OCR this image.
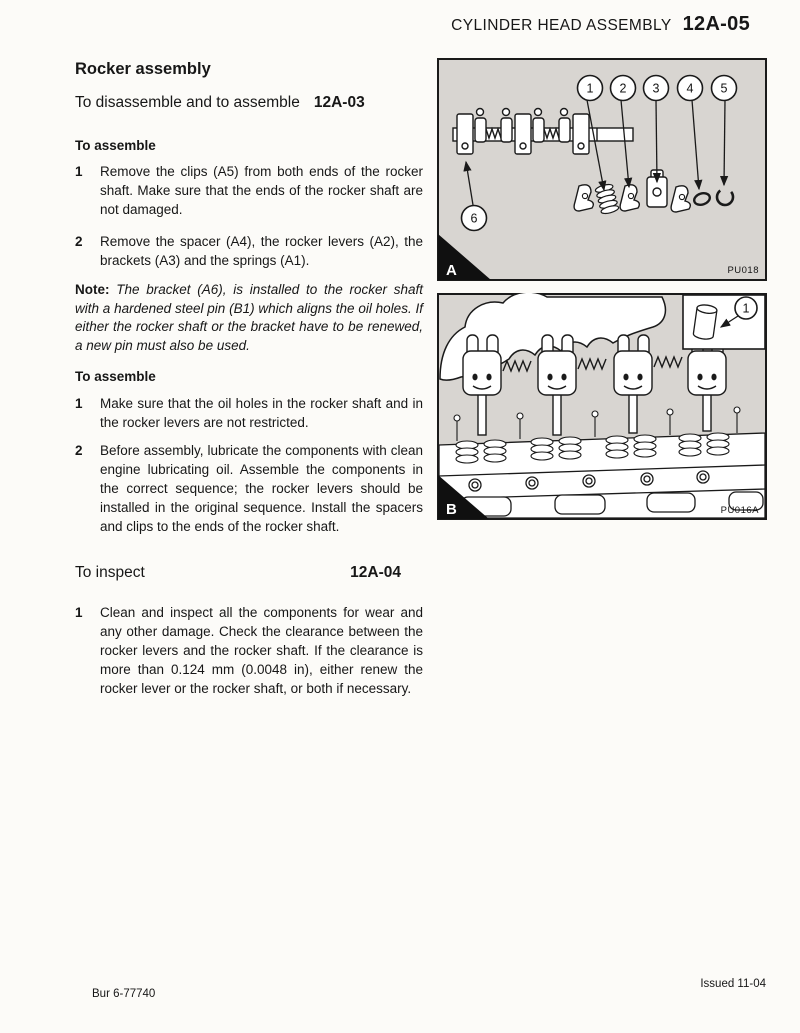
CYLINDER HEAD ASSEMBLY 12A-05
Rocker assembly
To disassemble and to assemble 12A-03
To assemble
1	Remove the clips (A5) from both ends of the rocker shaft. Make sure that the ends of the rocker shaft are not damaged.

2	Remove the spacer (A4), the rocker levers (A2), the brackets (A3) and the springs (A1).

Note: The bracket (A6), is installed to the rocker shaft with a hardened steel pin (B1) which aligns the oil holes. If either the rocker shaft or the bracket have to be renewed, a new pin must also be used.

To assemble
1	Make sure that the oil holes in the rocker shaft and in the rocker levers are not restricted.

2	Before assembly, lubricate the components with clean engine lubricating oil. Assemble the components in the correct sequence; the rocker levers should be installed in the original sequence. Install the spacers and clips to the ends of the rocker shaft.

To inspect	12A-04
1	Clean and inspect all the components for wear and any other damage. Check the clearance between the rocker levers and the rocker shaft. If the clearance is more than 0.124 mm (0.0048 in), either renew the rocker lever or the rocker shaft, or both if necessary.

1 2 3 4 5
6
A	PU018
1
B	PU016A
Bur 6-77740
Issued 11-04
